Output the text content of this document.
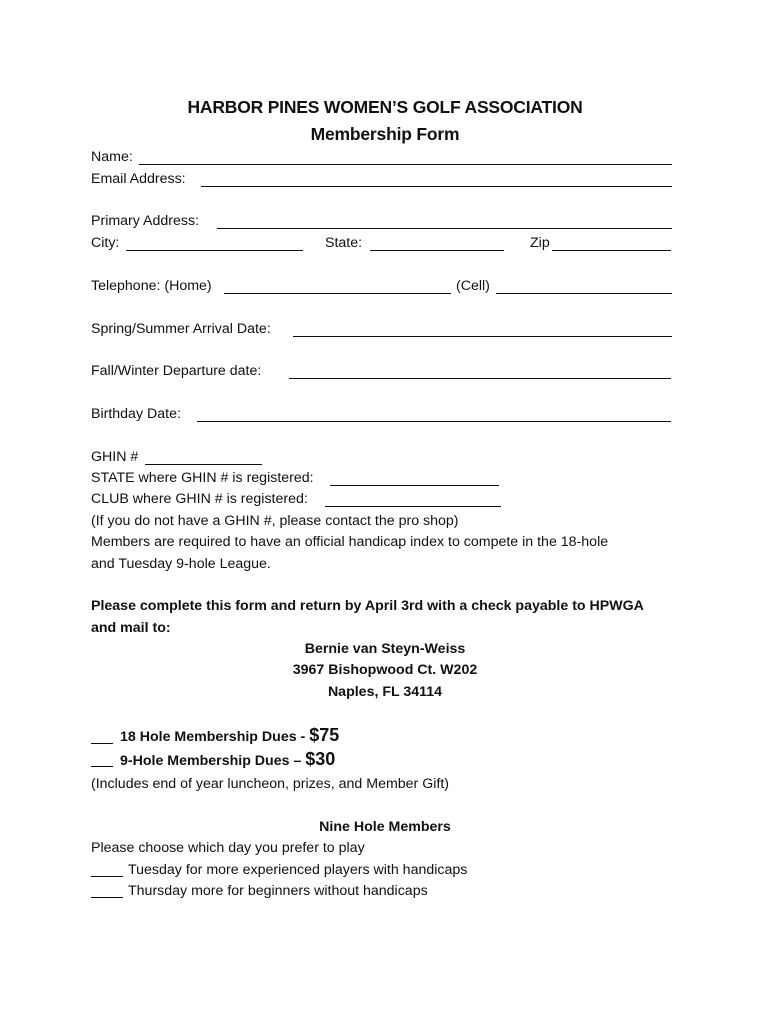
HARBOR PINES WOMEN’S GOLF ASSOCIATION
Membership Form
Name:
Email Address:
Primary Address:
City:	State:	Zip
Telephone: (Home)	(Cell)
Spring/Summer Arrival Date:
Fall/Winter Departure date:
Birthday Date:
GHIN #
STATE where GHIN # is registered:
CLUB where GHIN # is registered:
(If you do not have a GHIN #, please contact the pro shop)
Members are required to have an official handicap index to compete in the 18-hole
and Tuesday 9-hole League.
Please complete this form and return by April 3rd with a check payable to HPWGA
and mail to:
Bernie van Steyn-Weiss
3967 Bishopwood Ct. W202
Naples, FL 34114
18 Hole Membership Dues - $75
9-Hole Membership Dues – $30
(Includes end of year luncheon, prizes, and Member Gift)
Nine Hole Members
Please choose which day you prefer to play
Tuesday for more experienced players with handicaps
Thursday more for beginners without handicaps
